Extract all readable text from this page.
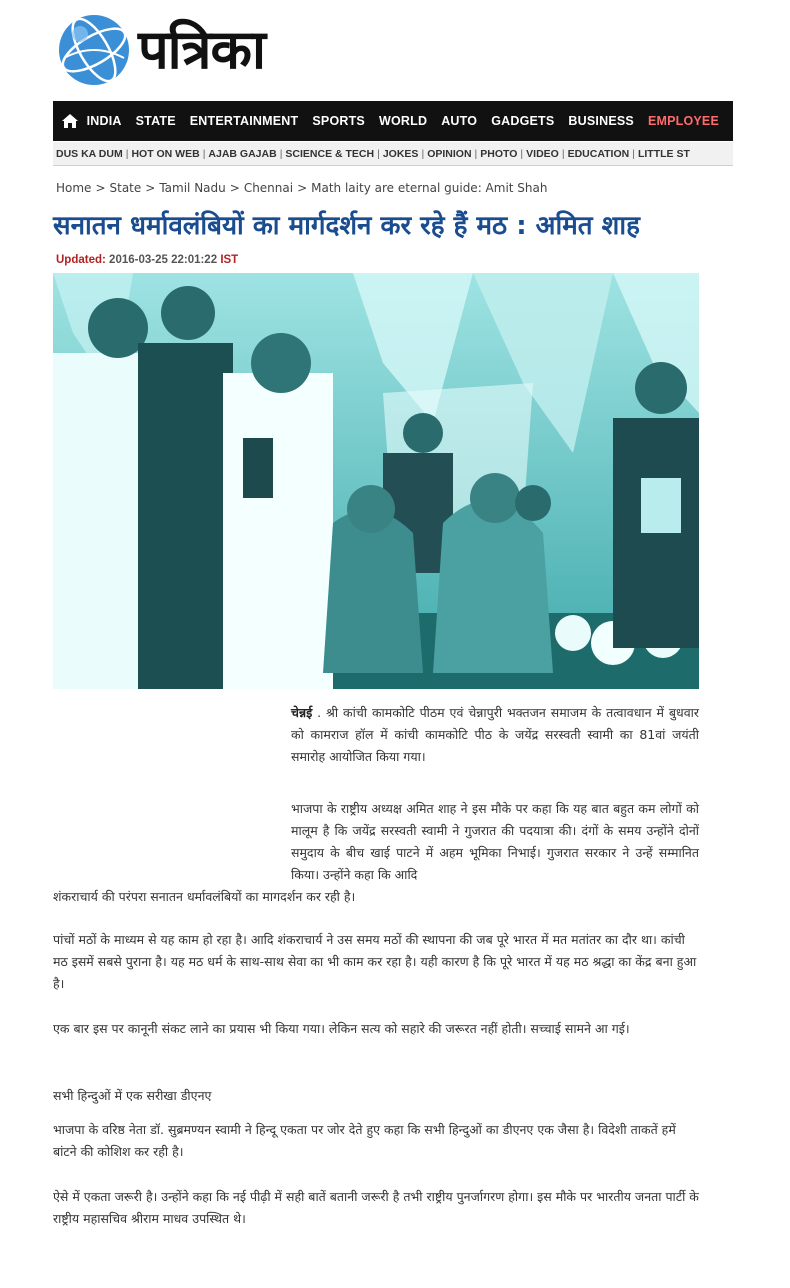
पत्रिका
INDIA STATE ENTERTAINMENT SPORTS WORLD AUTO GADGETS BUSINESS EMPLOYEE
DUS KA DUM | HOT ON WEB | AJAB GAJAB | SCIENCE & TECH | JOKES | OPINION | PHOTO | VIDEO | EDUCATION | LITTLE ST
Home > State > Tamil Nadu > Chennai > Math laity are eternal guide: Amit Shah
सनातन धर्मावलंबियों का मार्गदर्शन कर रहे हैं मठ : अमित शाह
Updated: 2016-03-25 22:01:22 IST

चेन्नई . श्री कांची कामकोटि पीठम एवं चेन्नापुरी भक्तजन समाजम के तत्वावधान में बुधवार को कामराज हॉल में कांची कामकोटि पीठ के जयेंद्र सरस्वती स्वामी का 81वां जयंती समारोह आयोजित किया गया।

भाजपा के राष्ट्रीय अध्यक्ष अमित शाह ने इस मौके पर कहा कि यह बात बहुत कम लोगों को मालूम है कि जयेंद्र सरस्वती स्वामी ने गुजरात की पदयात्रा की। दंगों के समय उन्होंने दोनों समुदाय के बीच खाई पाटने में अहम भूमिका निभाई। गुजरात सरकार ने उन्हें सम्मानित किया। उन्होंने कहा कि आदि

शंकराचार्य की परंपरा सनातन धर्मावलंबियों का मागदर्शन कर रही है।

पांचों मठों के माध्यम से यह काम हो रहा है। आदि शंकराचार्य ने उस समय मठों की स्थापना की जब पूरे भारत में मत मतांतर का दौर था। कांची मठ इसमें सबसे पुराना है। यह मठ धर्म के साथ-साथ सेवा का भी काम कर रहा है। यही कारण है कि पूरे भारत में यह मठ श्रद्धा का केंद्र बना हुआ है।

एक बार इस पर कानूनी संकट लाने का प्रयास भी किया गया। लेकिन सत्य को सहारे की जरूरत नहीं होती। सच्चाई सामने आ गई।

सभी हिन्दुओं में एक सरीखा डीएनए

भाजपा के वरिष्ठ नेता डॉ. सुब्रमण्यन स्वामी ने हिन्दू एकता पर जोर देते हुए कहा कि सभी हिन्दुओं का डीएनए एक जैसा है। विदेशी ताकतें हमें बांटने की कोशिश कर रही है।

ऐसे में एकता जरूरी है। उन्होंने कहा कि नई पीढ़ी में सही बातें बतानी जरूरी है तभी राष्ट्रीय पुनर्जागरण होगा। इस मौके पर भारतीय जनता पार्टी के राष्ट्रीय महासचिव श्रीराम माधव उपस्थित थे।
